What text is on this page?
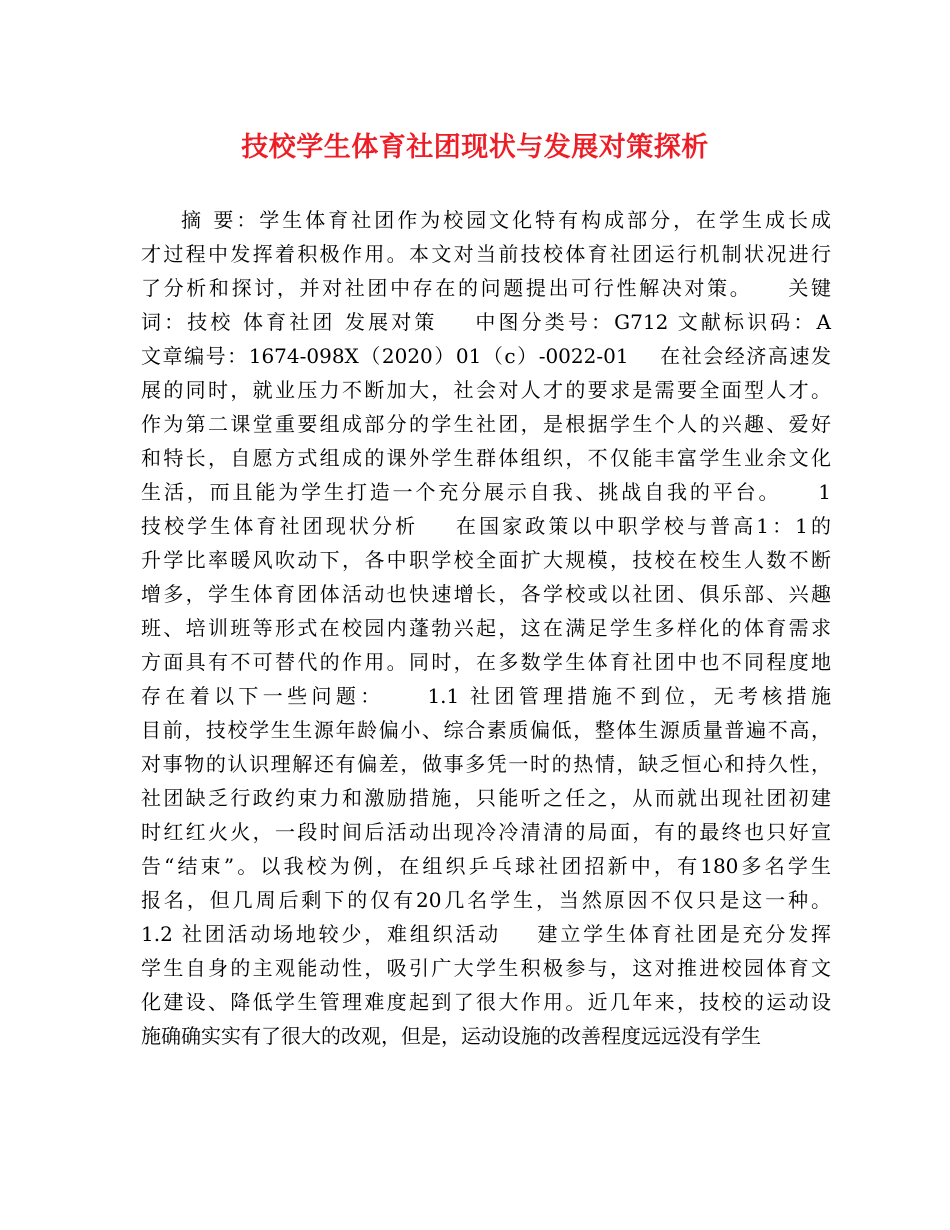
技校学生体育社团现状与发展对策探析
摘 要：学生体育社团作为校园文化特有构成部分，在学生成长成
才过程中发挥着积极作用。本文对当前技校体育社团运行机制状况进行
了分析和探讨，并对社团中存在的问题提出可行性解决对策。    关键
词：技校 体育社团 发展对策    中图分类号：G712 文献标识码：A
文章编号：1674-098X（2020）01（c）-0022-01    在社会经济高速发
展的同时，就业压力不断加大，社会对人才的要求是需要全面型人才。
作为第二课堂重要组成部分的学生社团，是根据学生个人的兴趣、爱好
和特长，自愿方式组成的课外学生群体组织，不仅能丰富学生业余文化
生活，而且能为学生打造一个充分展示自我、挑战自我的平台。    1
技校学生体育社团现状分析    在国家政策以中职学校与普高1：1的
升学比率暖风吹动下，各中职学校全面扩大规模，技校在校生人数不断
增多，学生体育团体活动也快速增长，各学校或以社团、俱乐部、兴趣
班、培训班等形式在校园内蓬勃兴起，这在满足学生多样化的体育需求
方面具有不可替代的作用。同时，在多数学生体育社团中也不同程度地
存在着以下一些问题：    1.1 社团管理措施不到位，无考核措施
目前，技校学生生源年龄偏小、综合素质偏低，整体生源质量普遍不高，
对事物的认识理解还有偏差，做事多凭一时的热情，缺乏恒心和持久性，
社团缺乏行政约束力和激励措施，只能听之任之，从而就出现社团初建
时红红火火，一段时间后活动出现冷冷清清的局面，有的最终也只好宣
告“结束”。以我校为例，在组织乒乓球社团招新中，有180多名学生
报名，但几周后剩下的仅有20几名学生，当然原因不仅只是这一种。
1.2 社团活动场地较少，难组织活动    建立学生体育社团是充分发挥
学生自身的主观能动性，吸引广大学生积极参与，这对推进校园体育文
化建设、降低学生管理难度起到了很大作用。近几年来，技校的运动设
施确确实实有了很大的改观，但是，运动设施的改善程度远远没有学生
